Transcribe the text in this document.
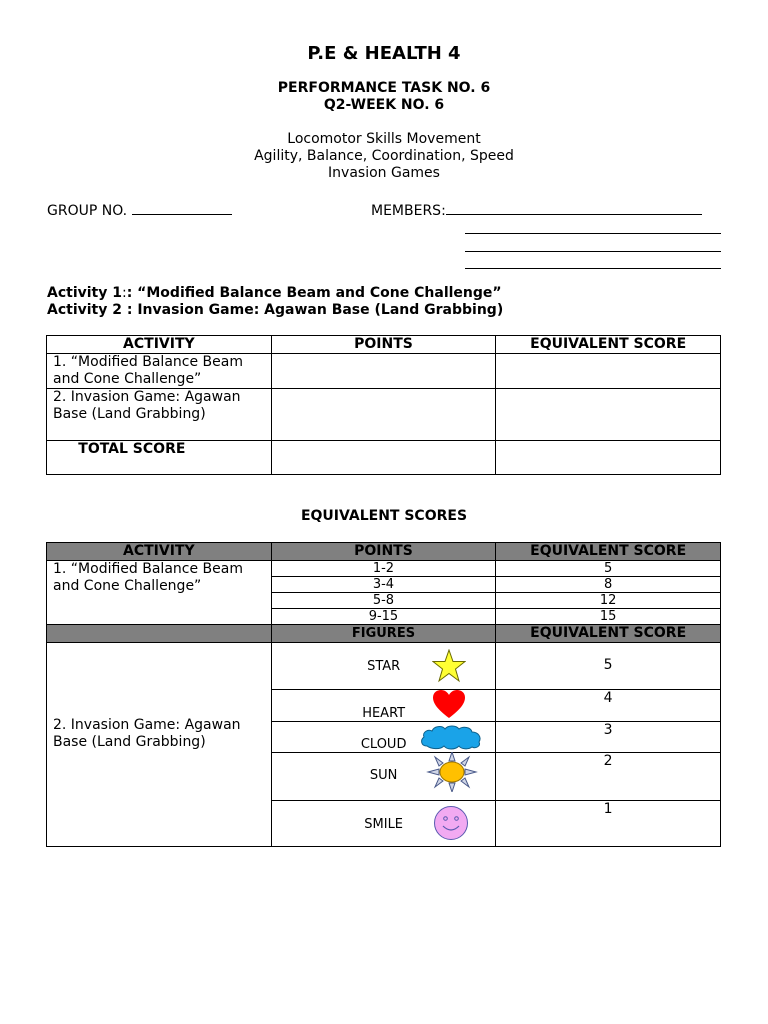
P.E & HEALTH 4
PERFORMANCE TASK NO. 6
Q2-WEEK NO. 6
Locomotor Skills Movement
Agility, Balance, Coordination, Speed
Invasion Games
GROUP NO.	MEMBERS:
Activity 1:: “Modified Balance Beam and Cone Challenge”
Activity 2 : Invasion Game: Agawan Base (Land Grabbing)
ACTIVITY	POINTS	EQUIVALENT SCORE
1. “Modified Balance Beam and Cone Challenge”		
2. Invasion Game: Agawan Base (Land Grabbing)		
TOTAL SCORE		
EQUIVALENT SCORES
ACTIVITY	POINTS	EQUIVALENT SCORE
1. “Modified Balance Beam and Cone Challenge”	1-2	5
	3-4	8
	5-8	12
	9-15	15
	FIGURES	EQUIVALENT SCORE

2. Invasion Game: Agawan Base (Land Grabbing)	STAR	5

	HEART	4

	CLOUD	3

	SUN	2

	SMILE	1
